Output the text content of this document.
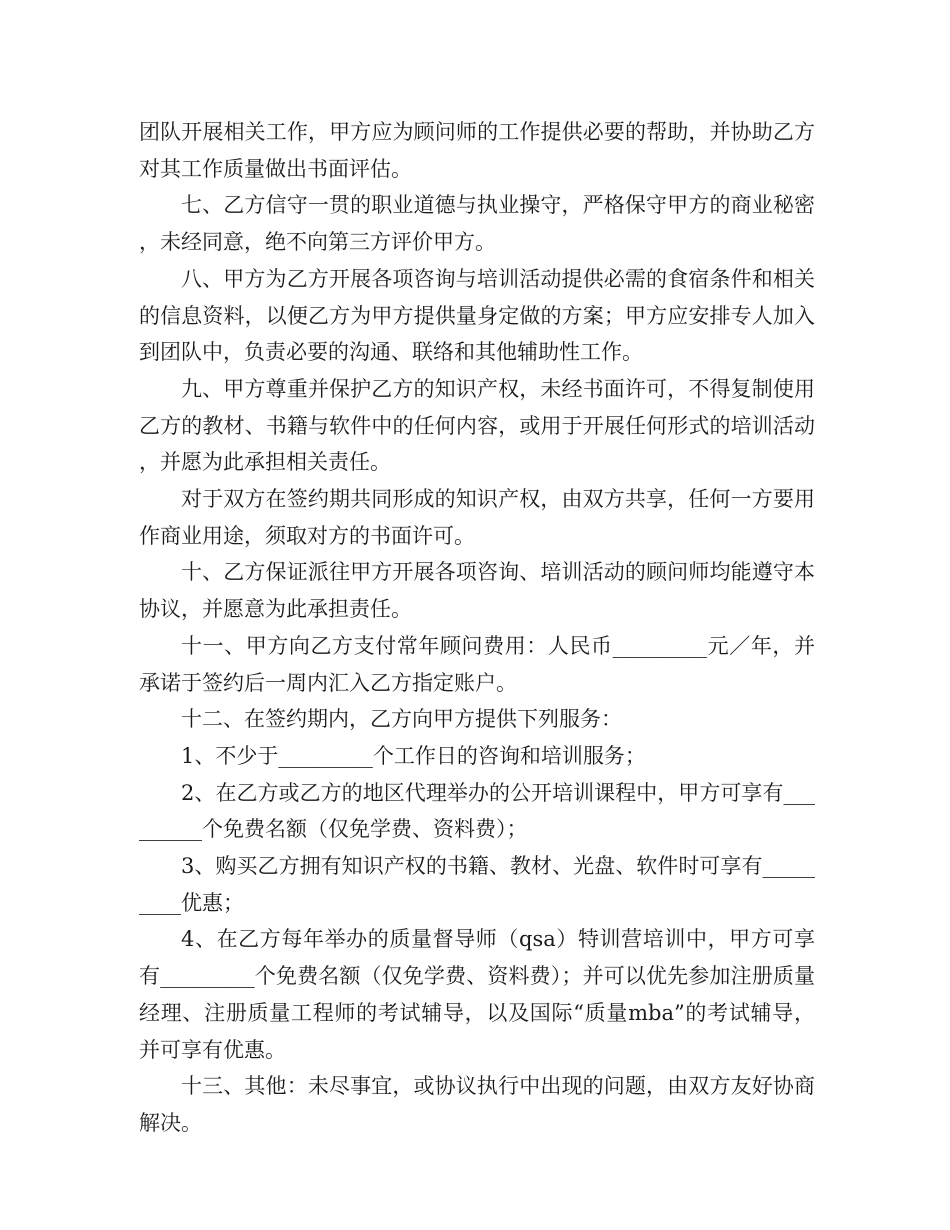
团队开展相关工作，甲方应为顾问师的工作提供必要的帮助，并协助乙方对其工作质量做出书面评估。

七、乙方信守一贯的职业道德与执业操守，严格保守甲方的商业秘密，未经同意，绝不向第三方评价甲方。

八、甲方为乙方开展各项咨询与培训活动提供必需的食宿条件和相关的信息资料，以便乙方为甲方提供量身定做的方案；甲方应安排专人加入到团队中，负责必要的沟通、联络和其他辅助性工作。

九、甲方尊重并保护乙方的知识产权，未经书面许可，不得复制使用乙方的教材、书籍与软件中的任何内容，或用于开展任何形式的培训活动，并愿为此承担相关责任。

对于双方在签约期共同形成的知识产权，由双方共享，任何一方要用作商业用途，须取对方的书面许可。

十、乙方保证派往甲方开展各项咨询、培训活动的顾问师均能遵守本协议，并愿意为此承担责任。

十一、甲方向乙方支付常年顾问费用：人民币_________元／年，并承诺于签约后一周内汇入乙方指定账户。

十二、在签约期内，乙方向甲方提供下列服务：

1、不少于_________个工作日的咨询和培训服务；

2、在乙方或乙方的地区代理举办的公开培训课程中，甲方可享有_________个免费名额（仅免学费、资料费）；

3、购买乙方拥有知识产权的书籍、教材、光盘、软件时可享有_________优惠；

4、在乙方每年举办的质量督导师（qsa）特训营培训中，甲方可享有_________个免费名额（仅免学费、资料费）；并可以优先参加注册质量经理、注册质量工程师的考试辅导，以及国际“质量mba”的考试辅导，并可享有优惠。

十三、其他：未尽事宜，或协议执行中出现的问题，由双方友好协商解决。
